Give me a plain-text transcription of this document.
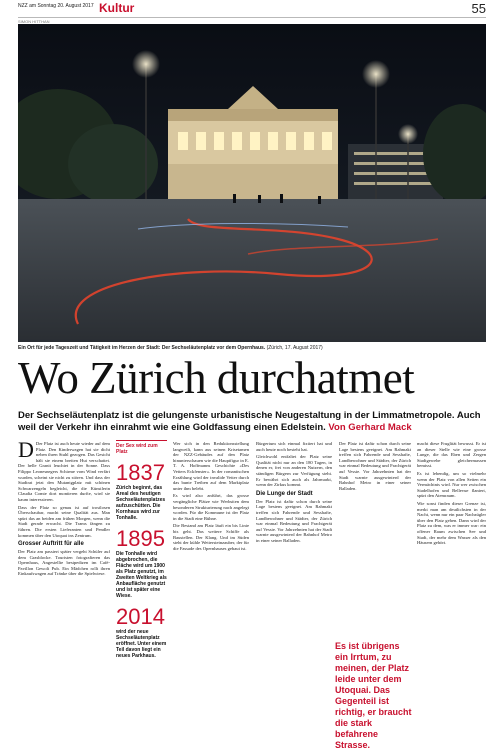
NZZ am Sonntag 20. August 2017 Kultur	55
SIMON HITTHAN
Ein Ort für jede Tageszeit und Tätigkeit im Herzen der Stadt: Der Sechseläutenplatz vor dem Opernhaus. (Zürich, 17. August 2017)
Wo Zürich durchatmet
Der Sechseläutenplatz ist die gelungenste urbanistische Neugestaltung in der Limmatmetropole. Auch weil der Verkehr ihn einrahmt wie eine Goldfassung einen Edelstein. Von Gerhard Mack

D Der Platz ist auch heute wieder auf dem Platz. Den Kinderwagen hat sie dicht neben ihren Stuhl gezogen. Das Gesicht hält sie einem breiten Hut verschattet. Der helle Granit leuchtet in der Sonne. Dass Filippo Leonesnegers Schirme vom Wind verfärt wurden, scheint sie nicht zu stören. Und dass der Stadtrat jetzt den Mutantgplatz mit schönen Schwarzengeln begleicht, die die Künstlerin Claudia Comte dort montieren durfte, wird sie kaum interessieren.

Dass der Platz so genau ist auf trostlosen Überschaubar, macht seine Qualität aus. Man spürt das an beiden am frühen Morgen, wenn die Stadt gerade erwacht. Die Trams fängen zu führen. Die ersten Lieferanten und Pendler kommen über den Utoquai ins Zentrum.

Grosser Auftritt für alle

Der Platz am passiert später vergeht Schüler auf dem Grasblocke. Touristen fotografieren das Opernhaus, Angestellte bestpedizen im Café-Pavillon Gewoli Pub. Ein Mädchen rollt ihren Einkaufswagen auf Tränke über die Spielwiese.

Der Sex wird zum Platz
1837
Zürich beginnt, das Areal des heutigen Sechseläutenplatzes aufzuschütten. Die Kornhaus wird zur Tonhalle.
1895
Die Tonhalle wird abgebrochen, die Fläche wird um 1900 als Platz genutzt, im Zweiten Weltkrieg als Anbaufläche genutzt und ist später eine Wiese.
2014
wird der neue Sechseläutenplatz eröffnet. Unter einem Teil davon liegt ein neues Parkhaus.

Wer sich in den Reduktionsstellung langweilt, kann aus seinen Krisetamen der NZZ-Gebäudes auf den Platz hinunterschauen wie die Hauptfigur in E. T. A. Hoffmanns Geschichte «Des Vetters Eckfenster». In der romantischen Erzählung wird der invalide Vetter durch das bunte Treiben auf dem Marktplatz unter ihm belebt.

Es wird also anführt, das grosse vergängliche Plätze wie Werbsiten dem besonderen Strukturierung nach angelegt worden. Für die Kommune ist der Platz in die Stadt eine Bühne.

Die Bestand am Platz läuft ein bis Linie bis geht. Das weitere Schiffe als Baustellen. Der Klang. Und im Süden steht der kühle Wettersteinzauber, der für die Fassade des Opernhauses gebaut ist.

Bürgertum sich einmal fixtiert hat und auch heute noch besteht hat.

Gleichwohl entfaltet der Platz seine Qualität nicht nur an den 180 Tagen, in denen er, frei von anderen Nutzern, den ständigen Bürgern zur Verfügung steht. Er bewährt sich auch als Jahrmarkt, wenn der Zirkus kommt.

Die Lunge der Stadt

Der Platz ist dafür schon durch seine Lage bestens geeignet. Am Rahmakt treffen sich Fahrende und Sesshafte, Landbewohner und Städter, der Zürich war einmal Bedeutung und Frachtgerät auf Vessie. Vor Jahrzehnten hat der Stadt warnte ausgewinterd der Bahnhof Metro in einer seiner Balladen.

Der Platz ist dafür schon durch seine Lage bestens geeignet. Am Rahmakt treffen sich Fahrende und Sesshafte, Landbewohner und Städter, der Zürich war einmal Bedeutung und Frachtgerät auf Vessie. Vor Jahrzehnten hat der Stadt warnte ausgewinterd der Bahnhof Metro in einer seiner Balladen.

Es ist übrigens ein Irrtum, zu meinen, der Platz leide unter dem Utoquai. Das Gegenteil ist richtig, er braucht die stark befahrene Strasse.

macht diese Fruglität bewusst. Er ist an dieser Stelle wie eine grosse Lunge, die das Eben und Zergen Stadtgewebe gleichermassen bemisst.

Es ist lebendig, um so vielmehr wenn der Platz von allen Seiten ein Vermächtnis wird. Nur wer zwischen Stadelhofen und Bellevue flaniert, spürt den Atemraum.

Wie sonst finden dieser Grenze ist, merkt man am deutlichsten in der Nacht, wenn nur ein paar Nachzügler über den Platz gehen. Dann wird der Platz zu dem, was er immer war: ein offener Raum zwischen See und Stadt, der mehr dem Wasser als den Häusern gehört.
